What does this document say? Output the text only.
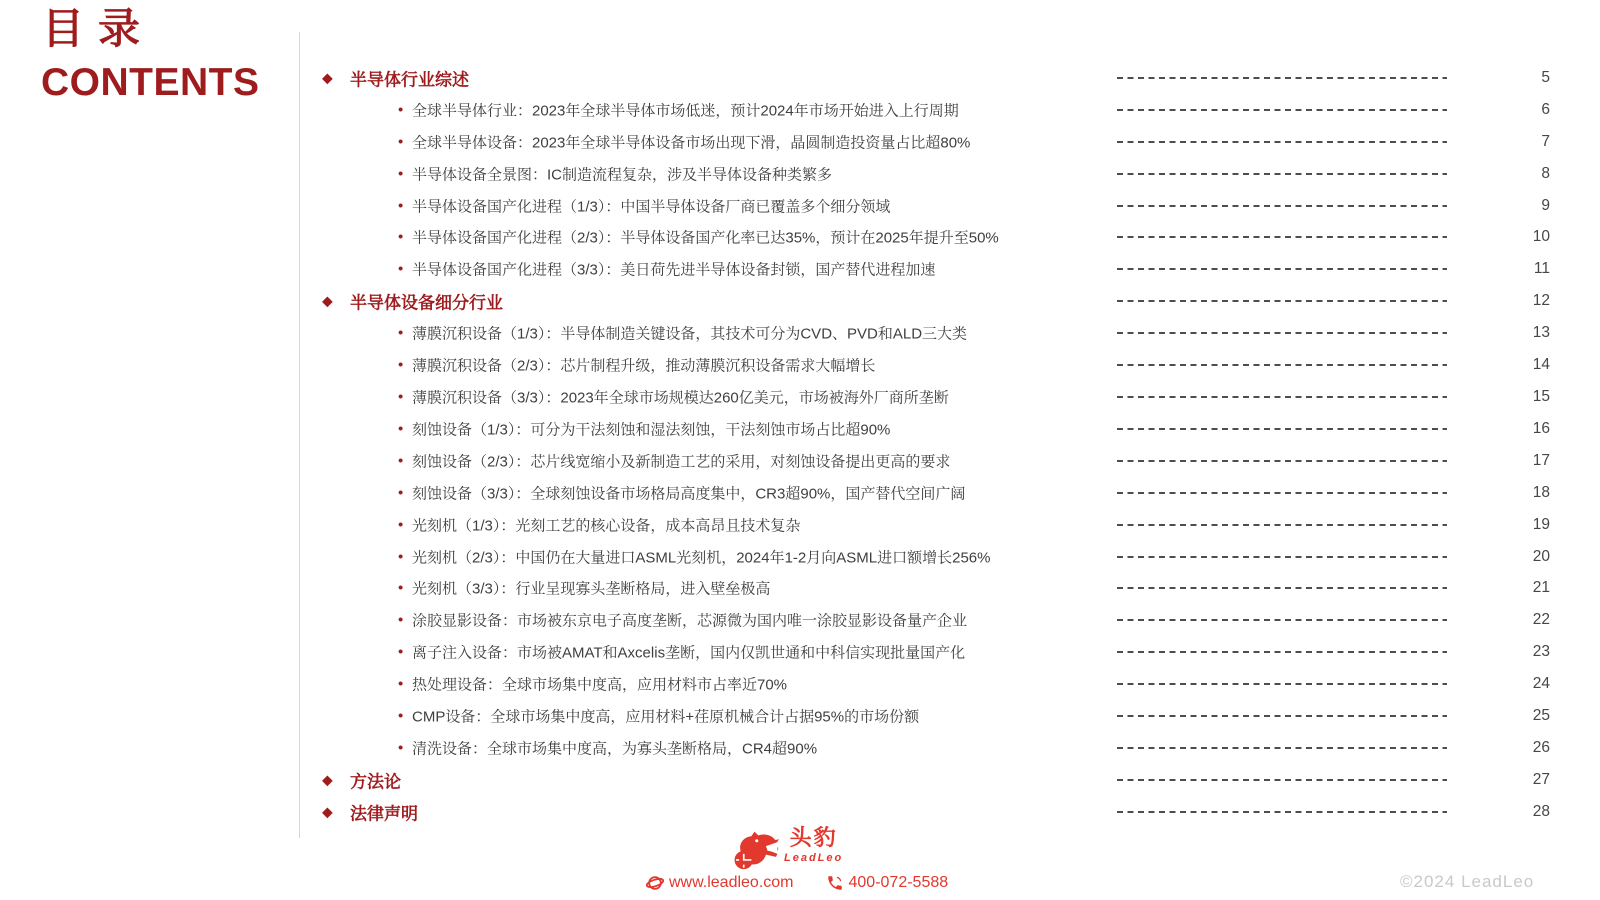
目录
CONTENTS	◆ 半导体行业综述	5
• 全球半导体行业：2023年全球半导体市场低迷，预计2024年市场开始进入上行周期	6
• 全球半导体设备：2023年全球半导体设备市场出现下滑，晶圆制造投资量占比超80%	7
• 半导体设备全景图：IC制造流程复杂，涉及半导体设备种类繁多	8
• 半导体设备国产化进程（1/3）：中国半导体设备厂商已覆盖多个细分领域	9
• 半导体设备国产化进程（2/3）：半导体设备国产化率已达35%，预计在2025年提升至50%	10
• 半导体设备国产化进程（3/3）：美日荷先进半导体设备封锁，国产替代进程加速	11
◆ 半导体设备细分行业	12
• 薄膜沉积设备（1/3）：半导体制造关键设备，其技术可分为CVD、PVD和ALD三大类	13
• 薄膜沉积设备（2/3）：芯片制程升级，推动薄膜沉积设备需求大幅增长	14
• 薄膜沉积设备（3/3）：2023年全球市场规模达260亿美元，市场被海外厂商所垄断	15
• 刻蚀设备（1/3）：可分为干法刻蚀和湿法刻蚀，干法刻蚀市场占比超90%	16
• 刻蚀设备（2/3）：芯片线宽缩小及新制造工艺的采用，对刻蚀设备提出更高的要求	17
• 刻蚀设备（3/3）：全球刻蚀设备市场格局高度集中，CR3超90%，国产替代空间广阔	18
• 光刻机（1/3）：光刻工艺的核心设备，成本高昂且技术复杂	19
• 光刻机（2/3）：中国仍在大量进口ASML光刻机，2024年1-2月向ASML进口额增长256%	20
• 光刻机（3/3）：行业呈现寡头垄断格局，进入壁垒极高	21
• 涂胶显影设备：市场被东京电子高度垄断，芯源微为国内唯一涂胶显影设备量产企业	22
• 离子注入设备：市场被AMAT和Axcelis垄断，国内仅凯世通和中科信实现批量国产化	23
• 热处理设备：全球市场集中度高，应用材料市占率近70%	24
• CMP设备：全球市场集中度高，应用材料+荏原机械合计占据95%的市场份额	25
• 清洗设备：全球市场集中度高，为寡头垄断格局，CR4超90%	26
◆ 方法论	27
◆ 法律声明	28
头豹
LeadLeo
www.leadleo.com	400-072-5588	©2024 LeadLeo
